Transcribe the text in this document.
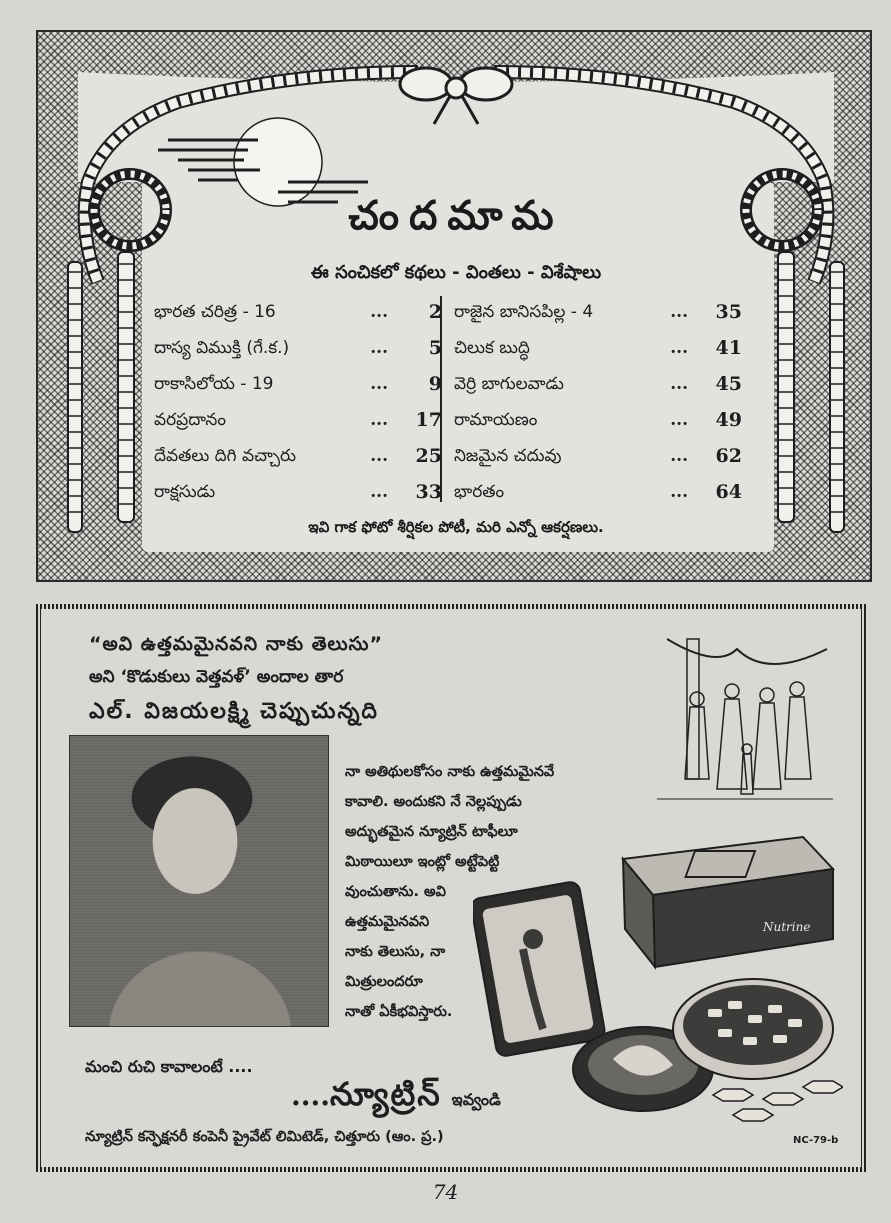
చందమామ
ఈ సంచికలో కథలు - వింతలు - విశేషాలు
భారత చరిత్ర - 16	...	2
దాస్య విముక్తి (గే.క.)	...	5
రాకాసిలోయ - 19	...	9
వరప్రదానం	...	17
దేవతలు దిగి వచ్చారు	...	25
రాక్షసుడు	...	33
రాజైన బానిసపిల్ల - 4	...	35
చిలుక బుద్ధి	...	41
వెర్రి బాగులవాడు	...	45
రామాయణం	...	49
నిజమైన చదువు	...	62
భారతం	...	64
ఇవి గాక ఫోటో శీర్షికల పోటీ, మరి ఎన్నో ఆకర్షణలు.
“అవి ఉత్తమమైనవని నాకు తెలుసు”
అని ‘కొడుకులు వెత్తవళ్’ అందాల తార
ఎల్. విజయలక్ష్మి చెప్పుచున్నది
నా అతిథులకోసం నాకు ఉత్తమమైనవే
కావాలి. అందుకని నే నెల్లప్పుడు
అద్భుతమైన న్యూట్రిన్ టాఫీలూ
మిఠాయిలూ ఇంట్లో అట్టేపెట్టి
వుంచుతాను. అవి
ఉత్తమమైనవని
నాకు తెలుసు, నా
మిత్రులందరూ
నాతో ఏకీభవిస్తారు.
Nutrine
మంచి రుచి కావాలంటే ....
....న్యూట్రిన్ ఇవ్వండి
న్యూట్రిన్ కన్ఫెక్షనరీ కంపెనీ ప్రైవేట్ లిమిటెడ్, చిత్తూరు (ఆం. ప్ర.)	NC-79-b
74
